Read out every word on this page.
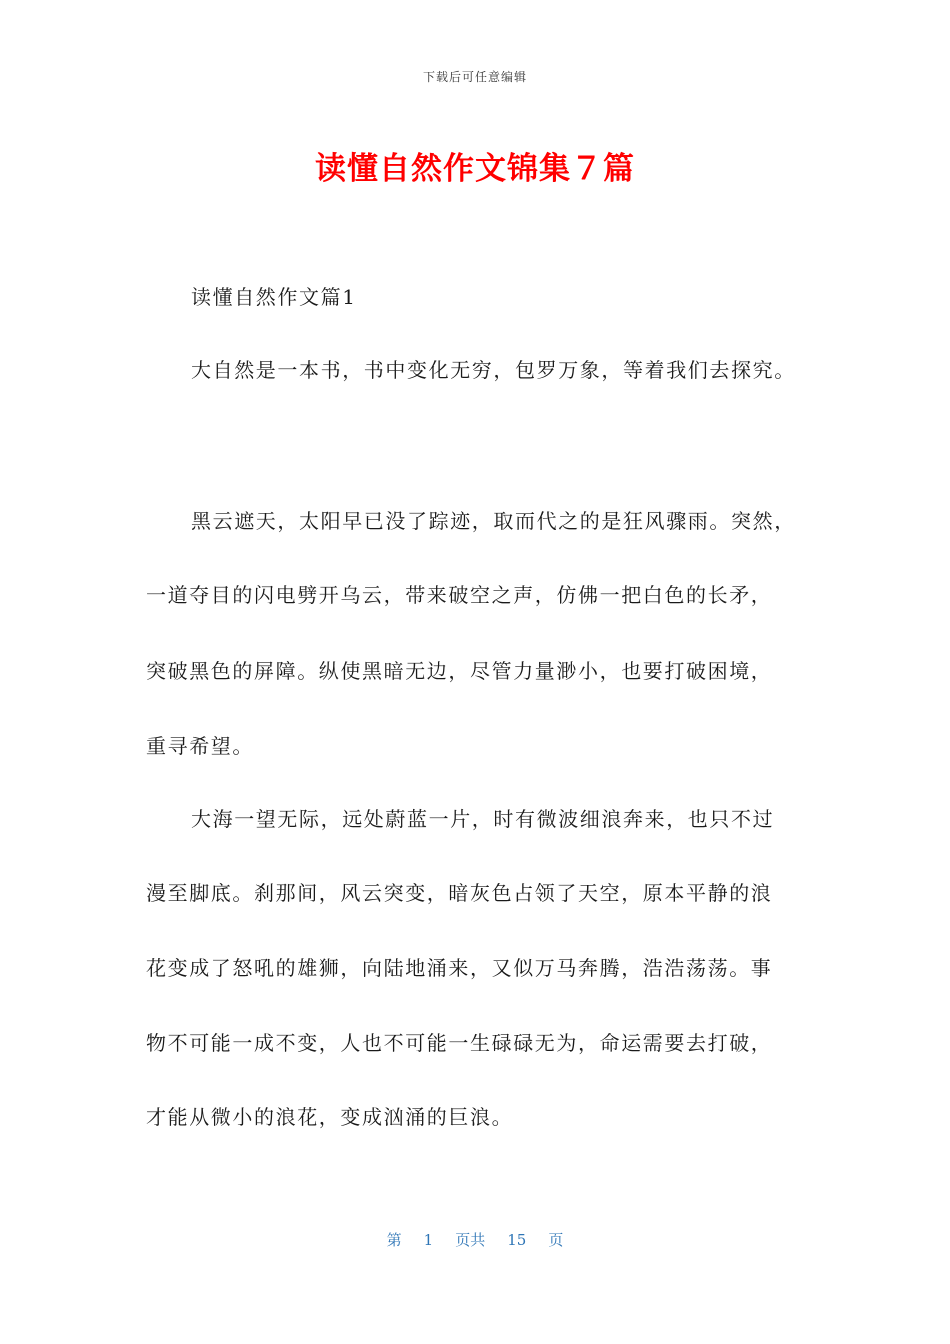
下载后可任意编辑
读懂自然作文锦集７篇
读懂自然作文篇1
大自然是一本书，书中变化无穷，包罗万象，等着我们去探究。
黑云遮天，太阳早已没了踪迹，取而代之的是狂风骤雨。突然，
一道夺目的闪电劈开乌云，带来破空之声，仿佛一把白色的长矛，
突破黑色的屏障。纵使黑暗无边，尽管力量渺小，也要打破困境，
重寻希望。
大海一望无际，远处蔚蓝一片，时有微波细浪奔来，也只不过
漫至脚底。刹那间，风云突变，暗灰色占领了天空，原本平静的浪
花变成了怒吼的雄狮，向陆地涌来，又似万马奔腾，浩浩荡荡。事
物不可能一成不变，人也不可能一生碌碌无为，命运需要去打破，
才能从微小的浪花，变成汹涌的巨浪。
第 1 页共 15 页
